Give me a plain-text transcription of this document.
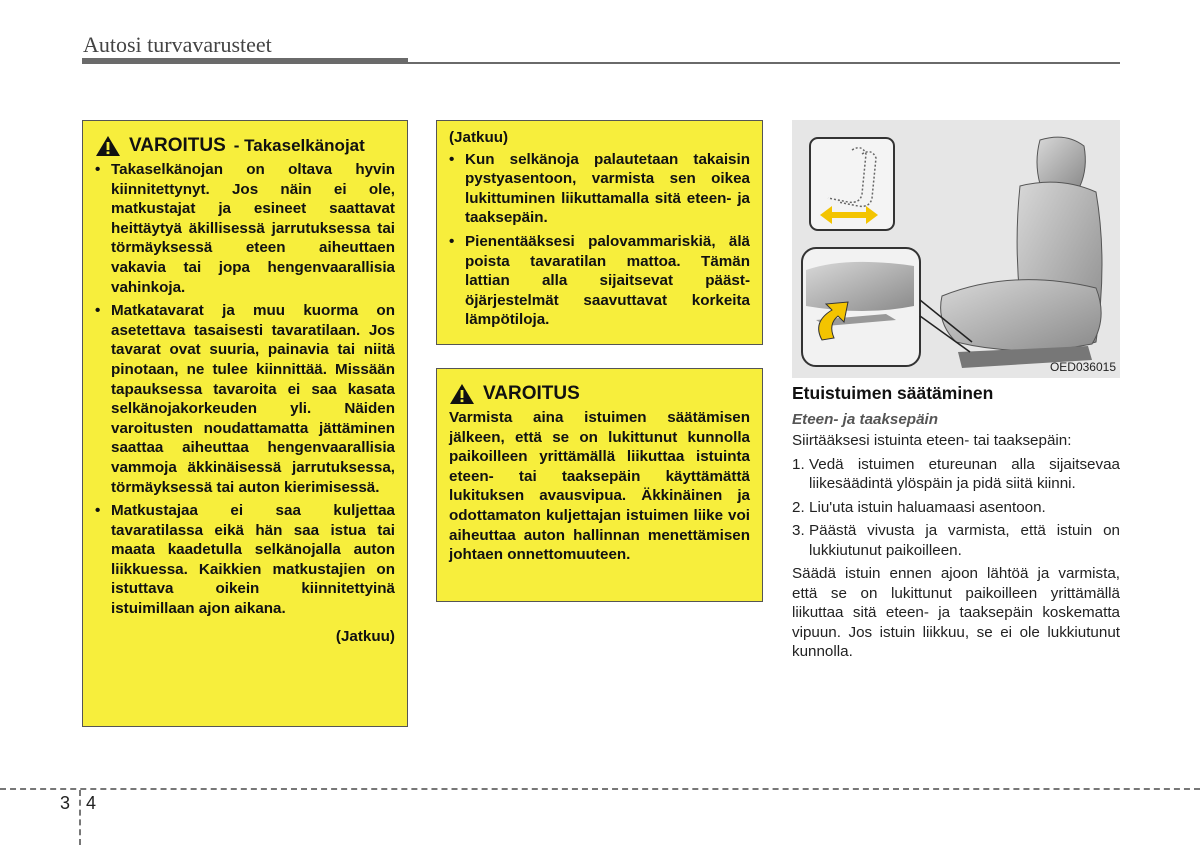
Autosi turvavarusteet
VAROITUS - Takaselkänojat
• Takaselkänojan on oltava hyvin kiinnitettynyt. Jos näin ei ole, matkustajat ja esineet saattavat heittäytyä äkillisessä jarrutuksessa tai törmäyksessä eteen aiheuttaen vakavia tai jopa hengenvaarallisia vahinkoja.
• Matkatavarat ja muu kuorma on asetettava tasaisesti tavaratilaan. Jos tavarat ovat suuria, painavia tai niitä pinotaan, ne tulee kiinnittää. Missään tapauksessa tavaroita ei saa kasata selkänojakorkeuden yli. Näiden varoitusten noudattamatta jättäminen saattaa aiheuttaa hengenvaarallisia vammoja äkkinäisessä jarrutuksessa, törmäyksessä tai auton kierimisessä.
• Matkustajaa ei saa kuljettaa tavaratilassa eikä hän saa istua tai maata kaadetulla selkänojalla auton liikkuessa. Kaikkien matkustajien on istuttava oikein kiinnitettyinä istuimillaan ajon aikana.
(Jatkuu)
(Jatkuu)
• Kun selkänoja palautetaan takaisin pystyasentoon, varmista sen oikea lukittuminen liikuttamalla sitä eteen- ja taaksepäin.
• Pienentääksesi palovammariskiä, älä poista tavaratilan mattoa. Tämän lattian alla sijaitsevat päästöjärjestelmät saavuttavat korkeita lämpötiloja.
VAROITUS
Varmista aina istuimen säätämisen jälkeen, että se on lukittunut kunnolla paikoilleen yrittämällä liikuttaa istuinta eteen- tai taaksepäin käyttämättä lukituksen avausvipua. Äkkinäinen ja odottamaton kuljettajan istuimen liike voi aiheuttaa auton hallinnan menettämisen johtaen onnettomuuteen.
OED036015
Etuistuimen säätäminen
Eteen- ja taaksepäin

Siirtääksesi istuinta eteen- tai taaksepäin:

1. Vedä istuimen etureunan alla sijaitsevaa liikesäädintä ylöspäin ja pidä siitä kiinni.
2. Liu'uta istuin haluamaasi asentoon.
3. Päästä vivusta ja varmista, että istuin on lukkiutunut paikoilleen.

Säädä istuin ennen ajoon lähtöä ja varmista, että se on lukittunut paikoilleen yrittämällä liikuttaa sitä eteen- ja taaksepäin koskematta vipuun. Jos istuin liikkuu, se ei ole lukkiutunut kunnolla.

3 4
